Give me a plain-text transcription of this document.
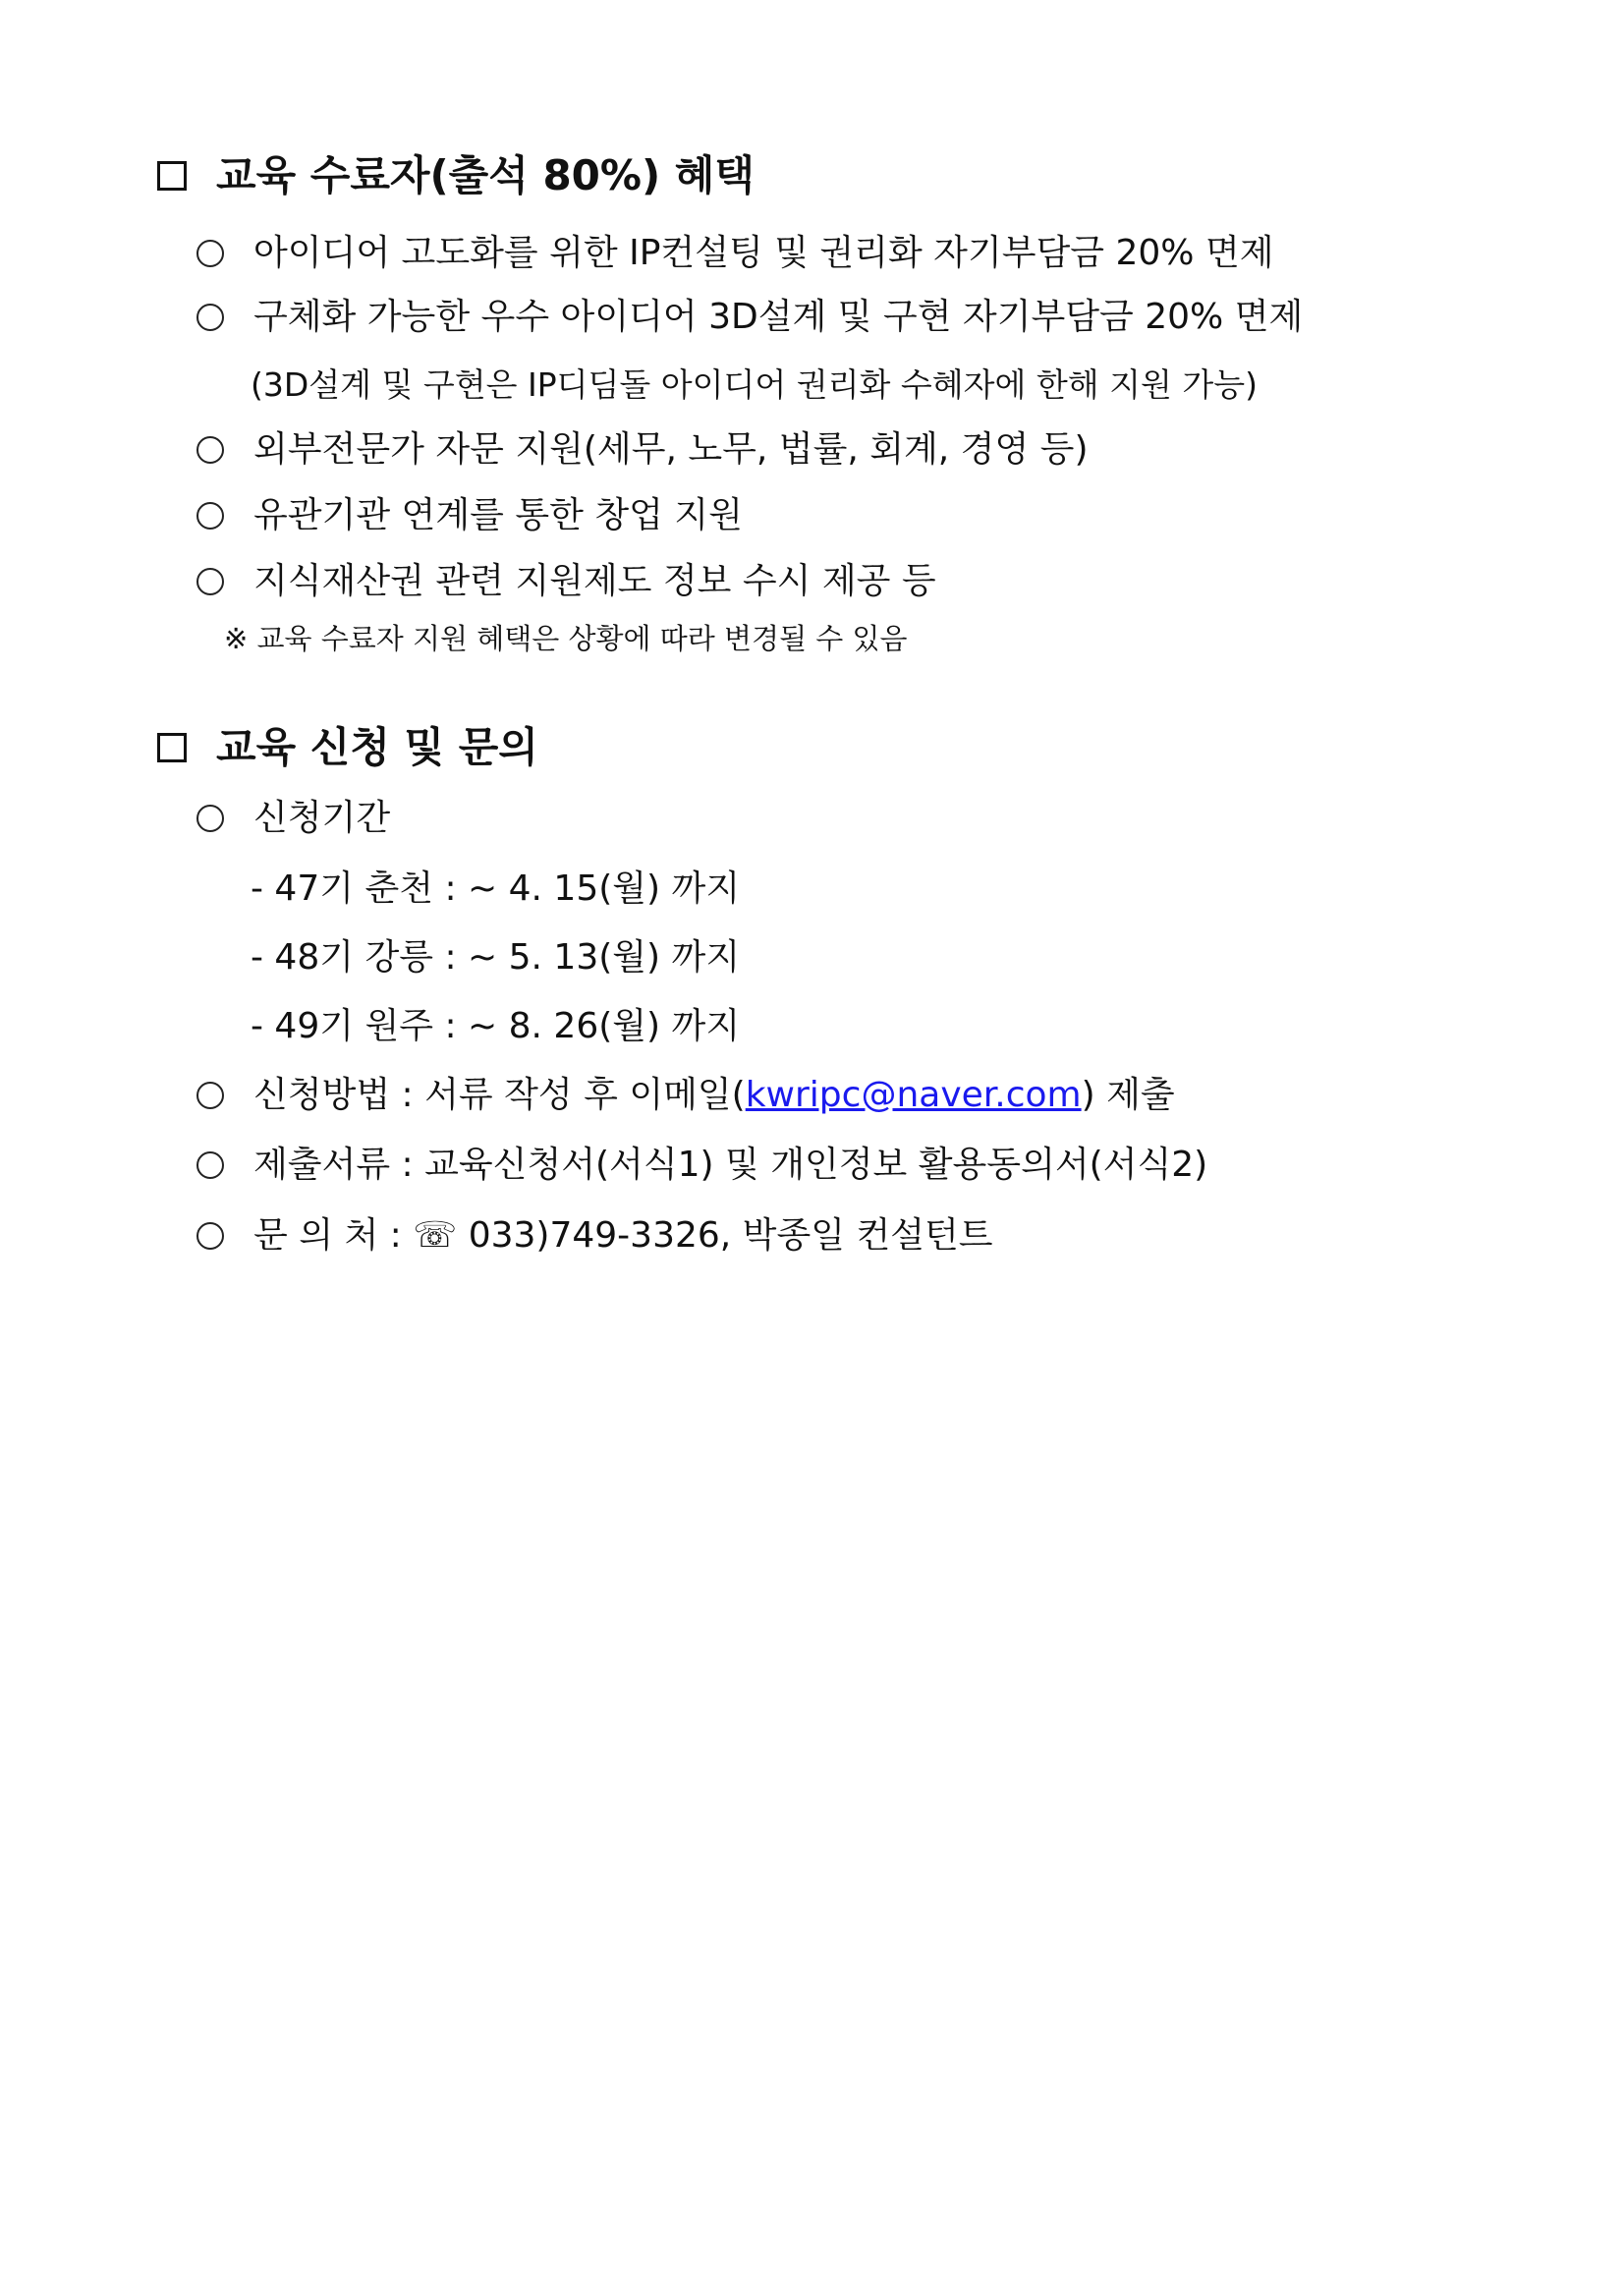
교육 수료자(출석 80%) 혜택
아이디어 고도화를 위한 IP컨설팅 및 권리화 자기부담금 20% 면제
구체화 가능한 우수 아이디어 3D설계 및 구현 자기부담금 20% 면제
(3D설계 및 구현은 IP디딤돌 아이디어 권리화 수혜자에 한해 지원 가능)
외부전문가 자문 지원(세무, 노무, 법률, 회계, 경영 등)
유관기관 연계를 통한 창업 지원
지식재산권 관련 지원제도 정보 수시 제공 등
※ 교육 수료자 지원 혜택은 상황에 따라 변경될 수 있음
교육 신청 및 문의
신청기간
- 47기 춘천 : ~ 4. 15(월) 까지
- 48기 강릉 : ~ 5. 13(월) 까지
- 49기 원주 : ~ 8. 26(월) 까지
신청방법 : 서류 작성 후 이메일( kwripc@naver.com ) 제출
제출서류 : 교육신청서(서식1) 및 개인정보 활용동의서(서식2)
문 의 처 : ☏ 033)749-3326, 박종일 컨설턴트
